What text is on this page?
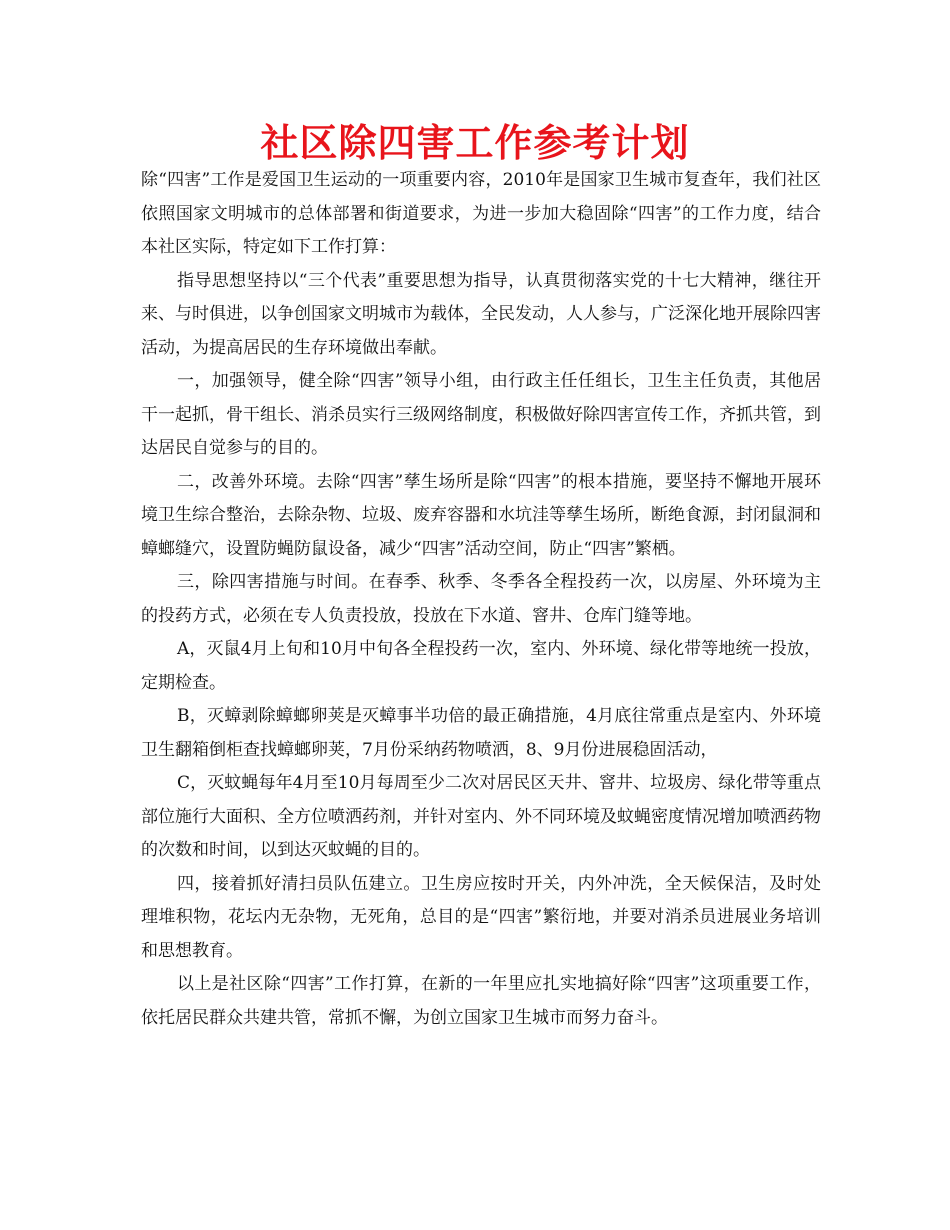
社区除四害工作参考计划

除“四害”工作是爱国卫生运动的一项重要内容，2010年是国家卫生城市复查年，我们社区依照国家文明城市的总体部署和街道要求，为进一步加大稳固除“四害”的工作力度，结合本社区实际，特定如下工作打算：

指导思想坚持以“三个代表”重要思想为指导，认真贯彻落实党的十七大精神，继往开来、与时俱进，以争创国家文明城市为载体，全民发动，人人参与，广泛深化地开展除四害活动，为提高居民的生存环境做出奉献。

一，加强领导，健全除“四害”领导小组，由行政主任任组长，卫生主任负责，其他居干一起抓，骨干组长、消杀员实行三级网络制度，积极做好除四害宣传工作，齐抓共管，到达居民自觉参与的目的。

二，改善外环境。去除“四害”孳生场所是除“四害”的根本措施，要坚持不懈地开展环境卫生综合整治，去除杂物、垃圾、废弃容器和水坑洼等孳生场所，断绝食源，封闭鼠洞和蟑螂缝穴，设置防蝇防鼠设备，减少“四害”活动空间，防止“四害”繁栖。

三，除四害措施与时间。在春季、秋季、冬季各全程投药一次，以房屋、外环境为主的投药方式，必须在专人负责投放，投放在下水道、窨井、仓库门缝等地。

A，灭鼠4月上旬和10月中旬各全程投药一次，室内、外环境、绿化带等地统一投放，定期检查。

B，灭蟑剥除蟑螂卵荚是灭蟑事半功倍的最正确措施，4月底往常重点是室内、外环境卫生翻箱倒柜查找蟑螂卵荚，7月份采纳药物喷洒，8、9月份进展稳固活动，

C，灭蚊蝇每年4月至10月每周至少二次对居民区天井、窨井、垃圾房、绿化带等重点部位施行大面积、全方位喷洒药剂，并针对室内、外不同环境及蚊蝇密度情况增加喷洒药物的次数和时间，以到达灭蚊蝇的目的。

四，接着抓好清扫员队伍建立。卫生房应按时开关，内外冲洗，全天候保洁，及时处理堆积物，花坛内无杂物，无死角，总目的是“四害”繁衍地，并要对消杀员进展业务培训和思想教育。

以上是社区除“四害”工作打算，在新的一年里应扎实地搞好除“四害”这项重要工作，依托居民群众共建共管，常抓不懈，为创立国家卫生城市而努力奋斗。
